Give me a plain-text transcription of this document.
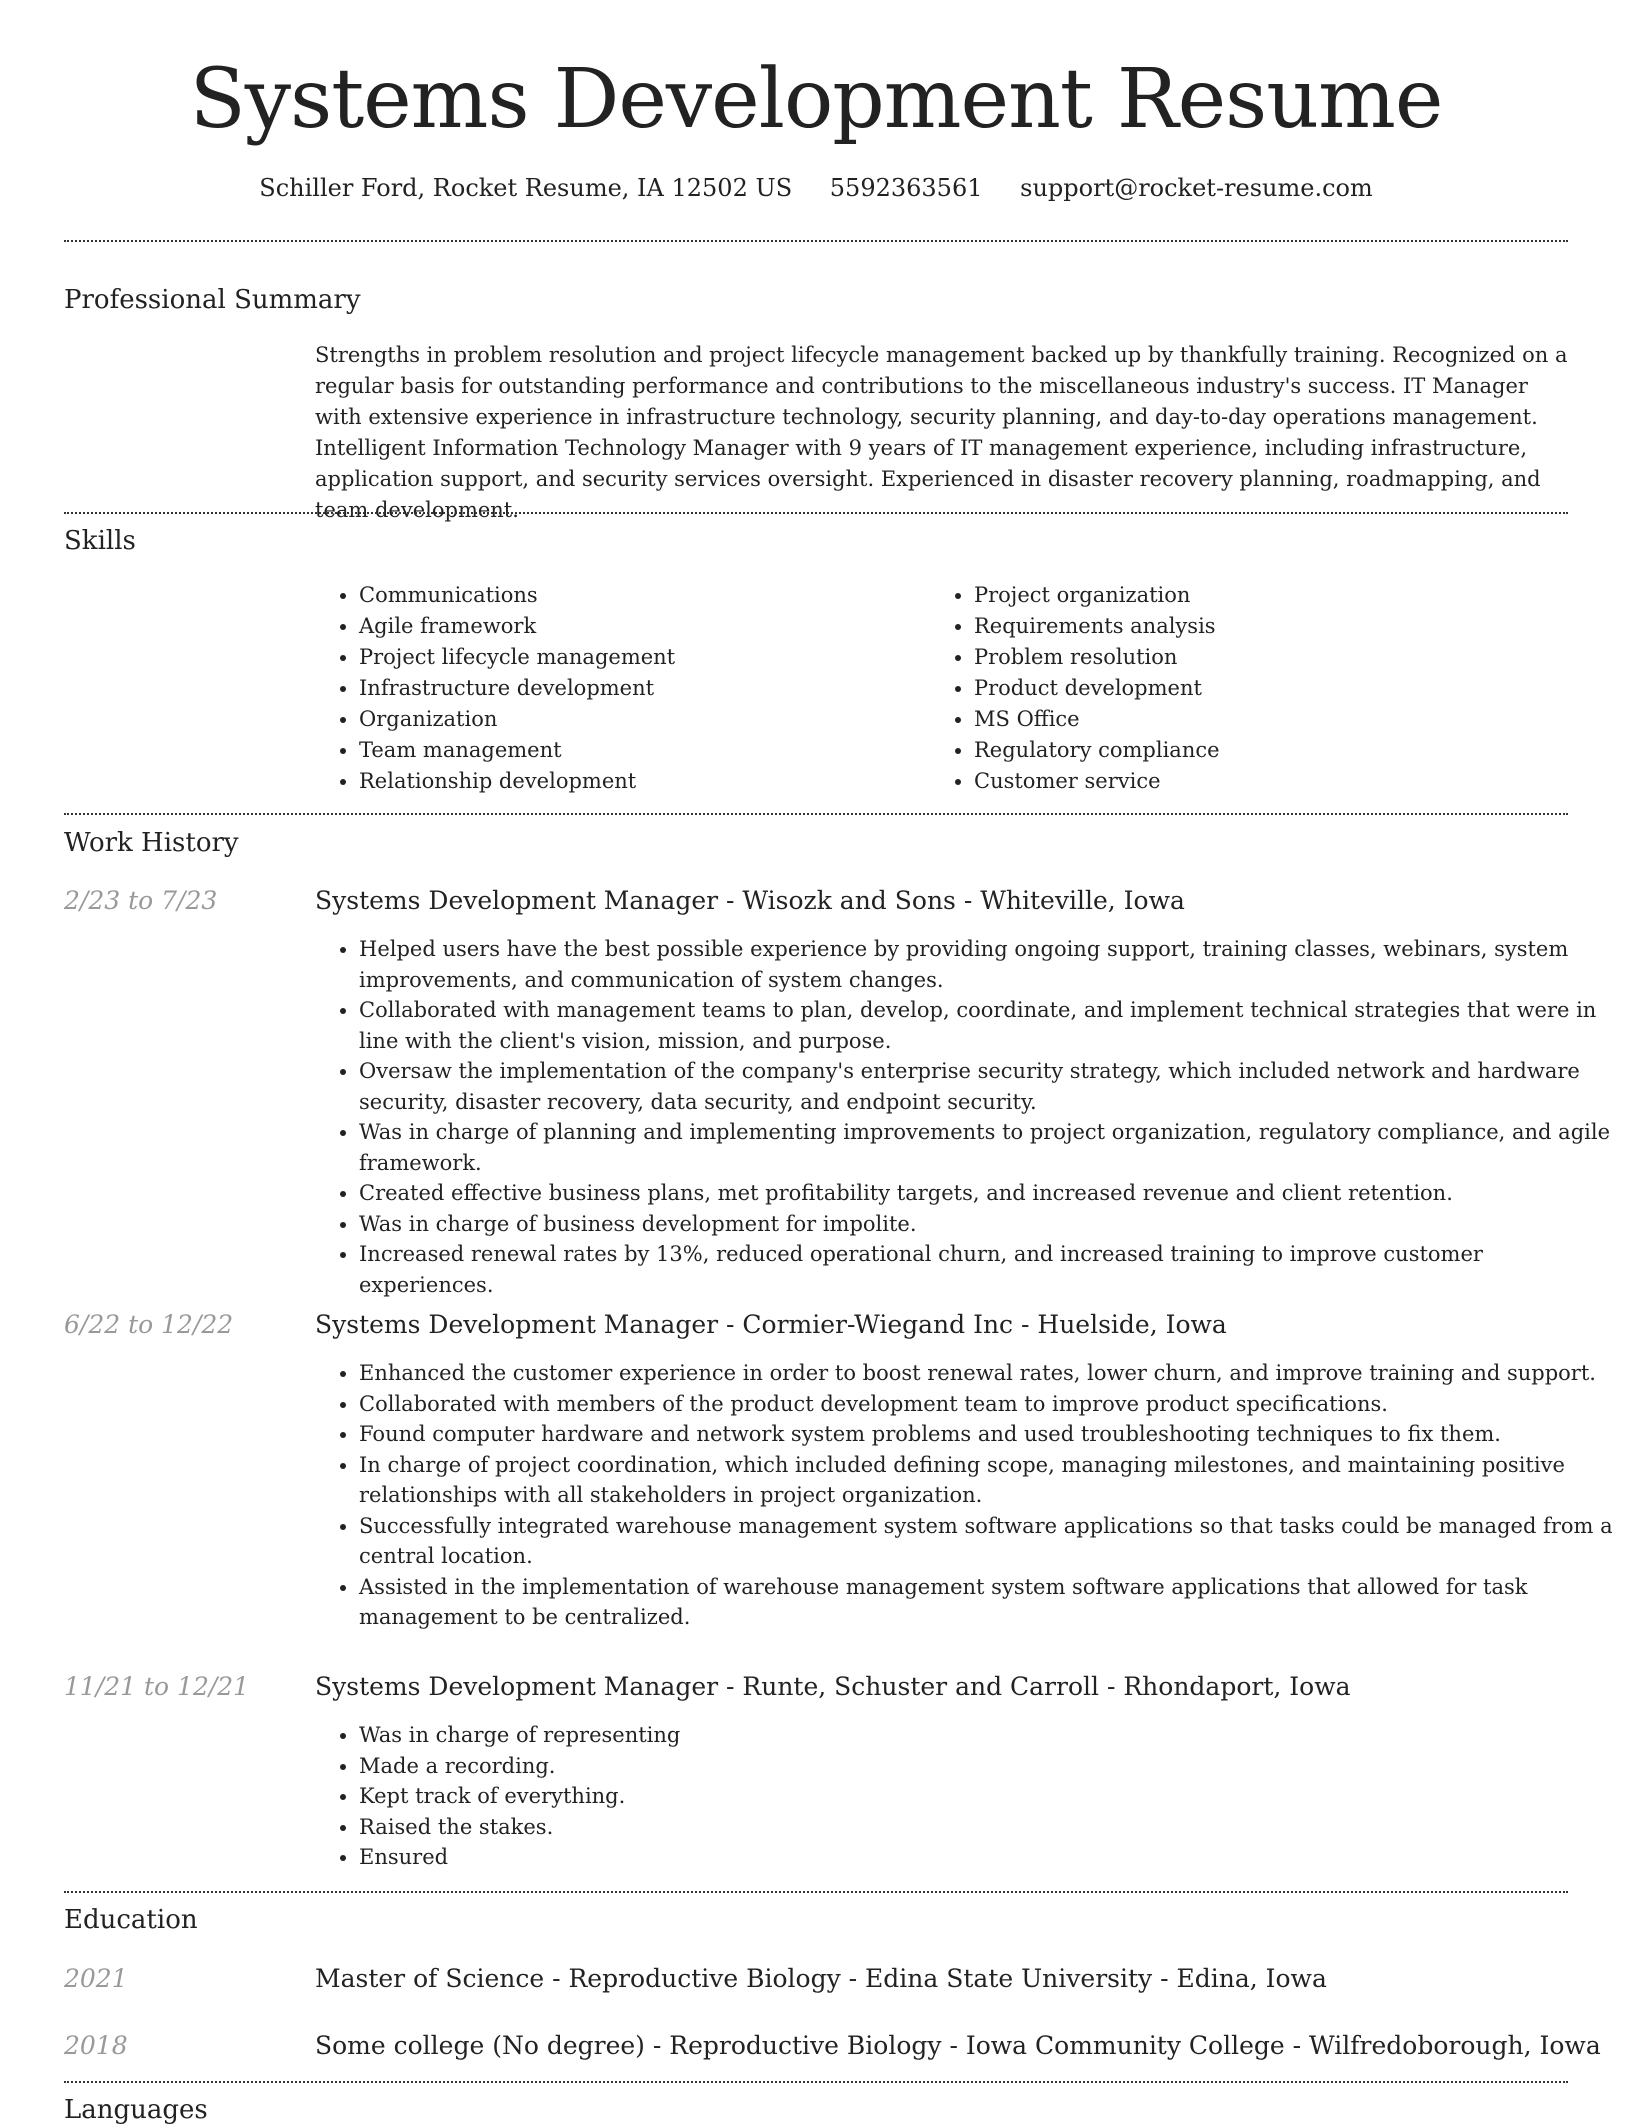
Systems Development Resume
Schiller Ford, Rocket Resume, IA 12502 US 5592363561 support@rocket-resume.com
Professional Summary
Strengths in problem resolution and project lifecycle management backed up by thankfully training. Recognized on a regular basis for outstanding performance and contributions to the miscellaneous industry's success. IT Manager with extensive experience in infrastructure technology, security planning, and day-to-day operations management. Intelligent Information Technology Manager with 9 years of IT management experience, including infrastructure, application support, and security services oversight. Experienced in disaster recovery planning, roadmapping, and team development.
Skills
• Communications
• Agile framework
• Project lifecycle management
• Infrastructure development
• Organization
• Team management
• Relationship development
• Project organization
• Requirements analysis
• Problem resolution
• Product development
• MS Office
• Regulatory compliance
• Customer service
Work History
2/23 to 7/23	Systems Development Manager - Wisozk and Sons - Whiteville, Iowa
• Helped users have the best possible experience by providing ongoing support, training classes, webinars, system improvements, and communication of system changes.
• Collaborated with management teams to plan, develop, coordinate, and implement technical strategies that were in line with the client's vision, mission, and purpose.
• Oversaw the implementation of the company's enterprise security strategy, which included network and hardware security, disaster recovery, data security, and endpoint security.
• Was in charge of planning and implementing improvements to project organization, regulatory compliance, and agile framework.
• Created effective business plans, met profitability targets, and increased revenue and client retention.
• Was in charge of business development for impolite.
• Increased renewal rates by 13%, reduced operational churn, and increased training to improve customer experiences.
6/22 to 12/22	Systems Development Manager - Cormier-Wiegand Inc - Huelside, Iowa
• Enhanced the customer experience in order to boost renewal rates, lower churn, and improve training and support.
• Collaborated with members of the product development team to improve product specifications.
• Found computer hardware and network system problems and used troubleshooting techniques to fix them.
• In charge of project coordination, which included defining scope, managing milestones, and maintaining positive relationships with all stakeholders in project organization.
• Successfully integrated warehouse management system software applications so that tasks could be managed from a central location.
• Assisted in the implementation of warehouse management system software applications that allowed for task management to be centralized.
11/21 to 12/21	Systems Development Manager - Runte, Schuster and Carroll - Rhondaport, Iowa
• Was in charge of representing
• Made a recording.
• Kept track of everything.
• Raised the stakes.
• Ensured
Education
2021	Master of Science - Reproductive Biology - Edina State University - Edina, Iowa
2018	Some college (No degree) - Reproductive Biology - Iowa Community College - Wilfredoborough, Iowa
Languages
